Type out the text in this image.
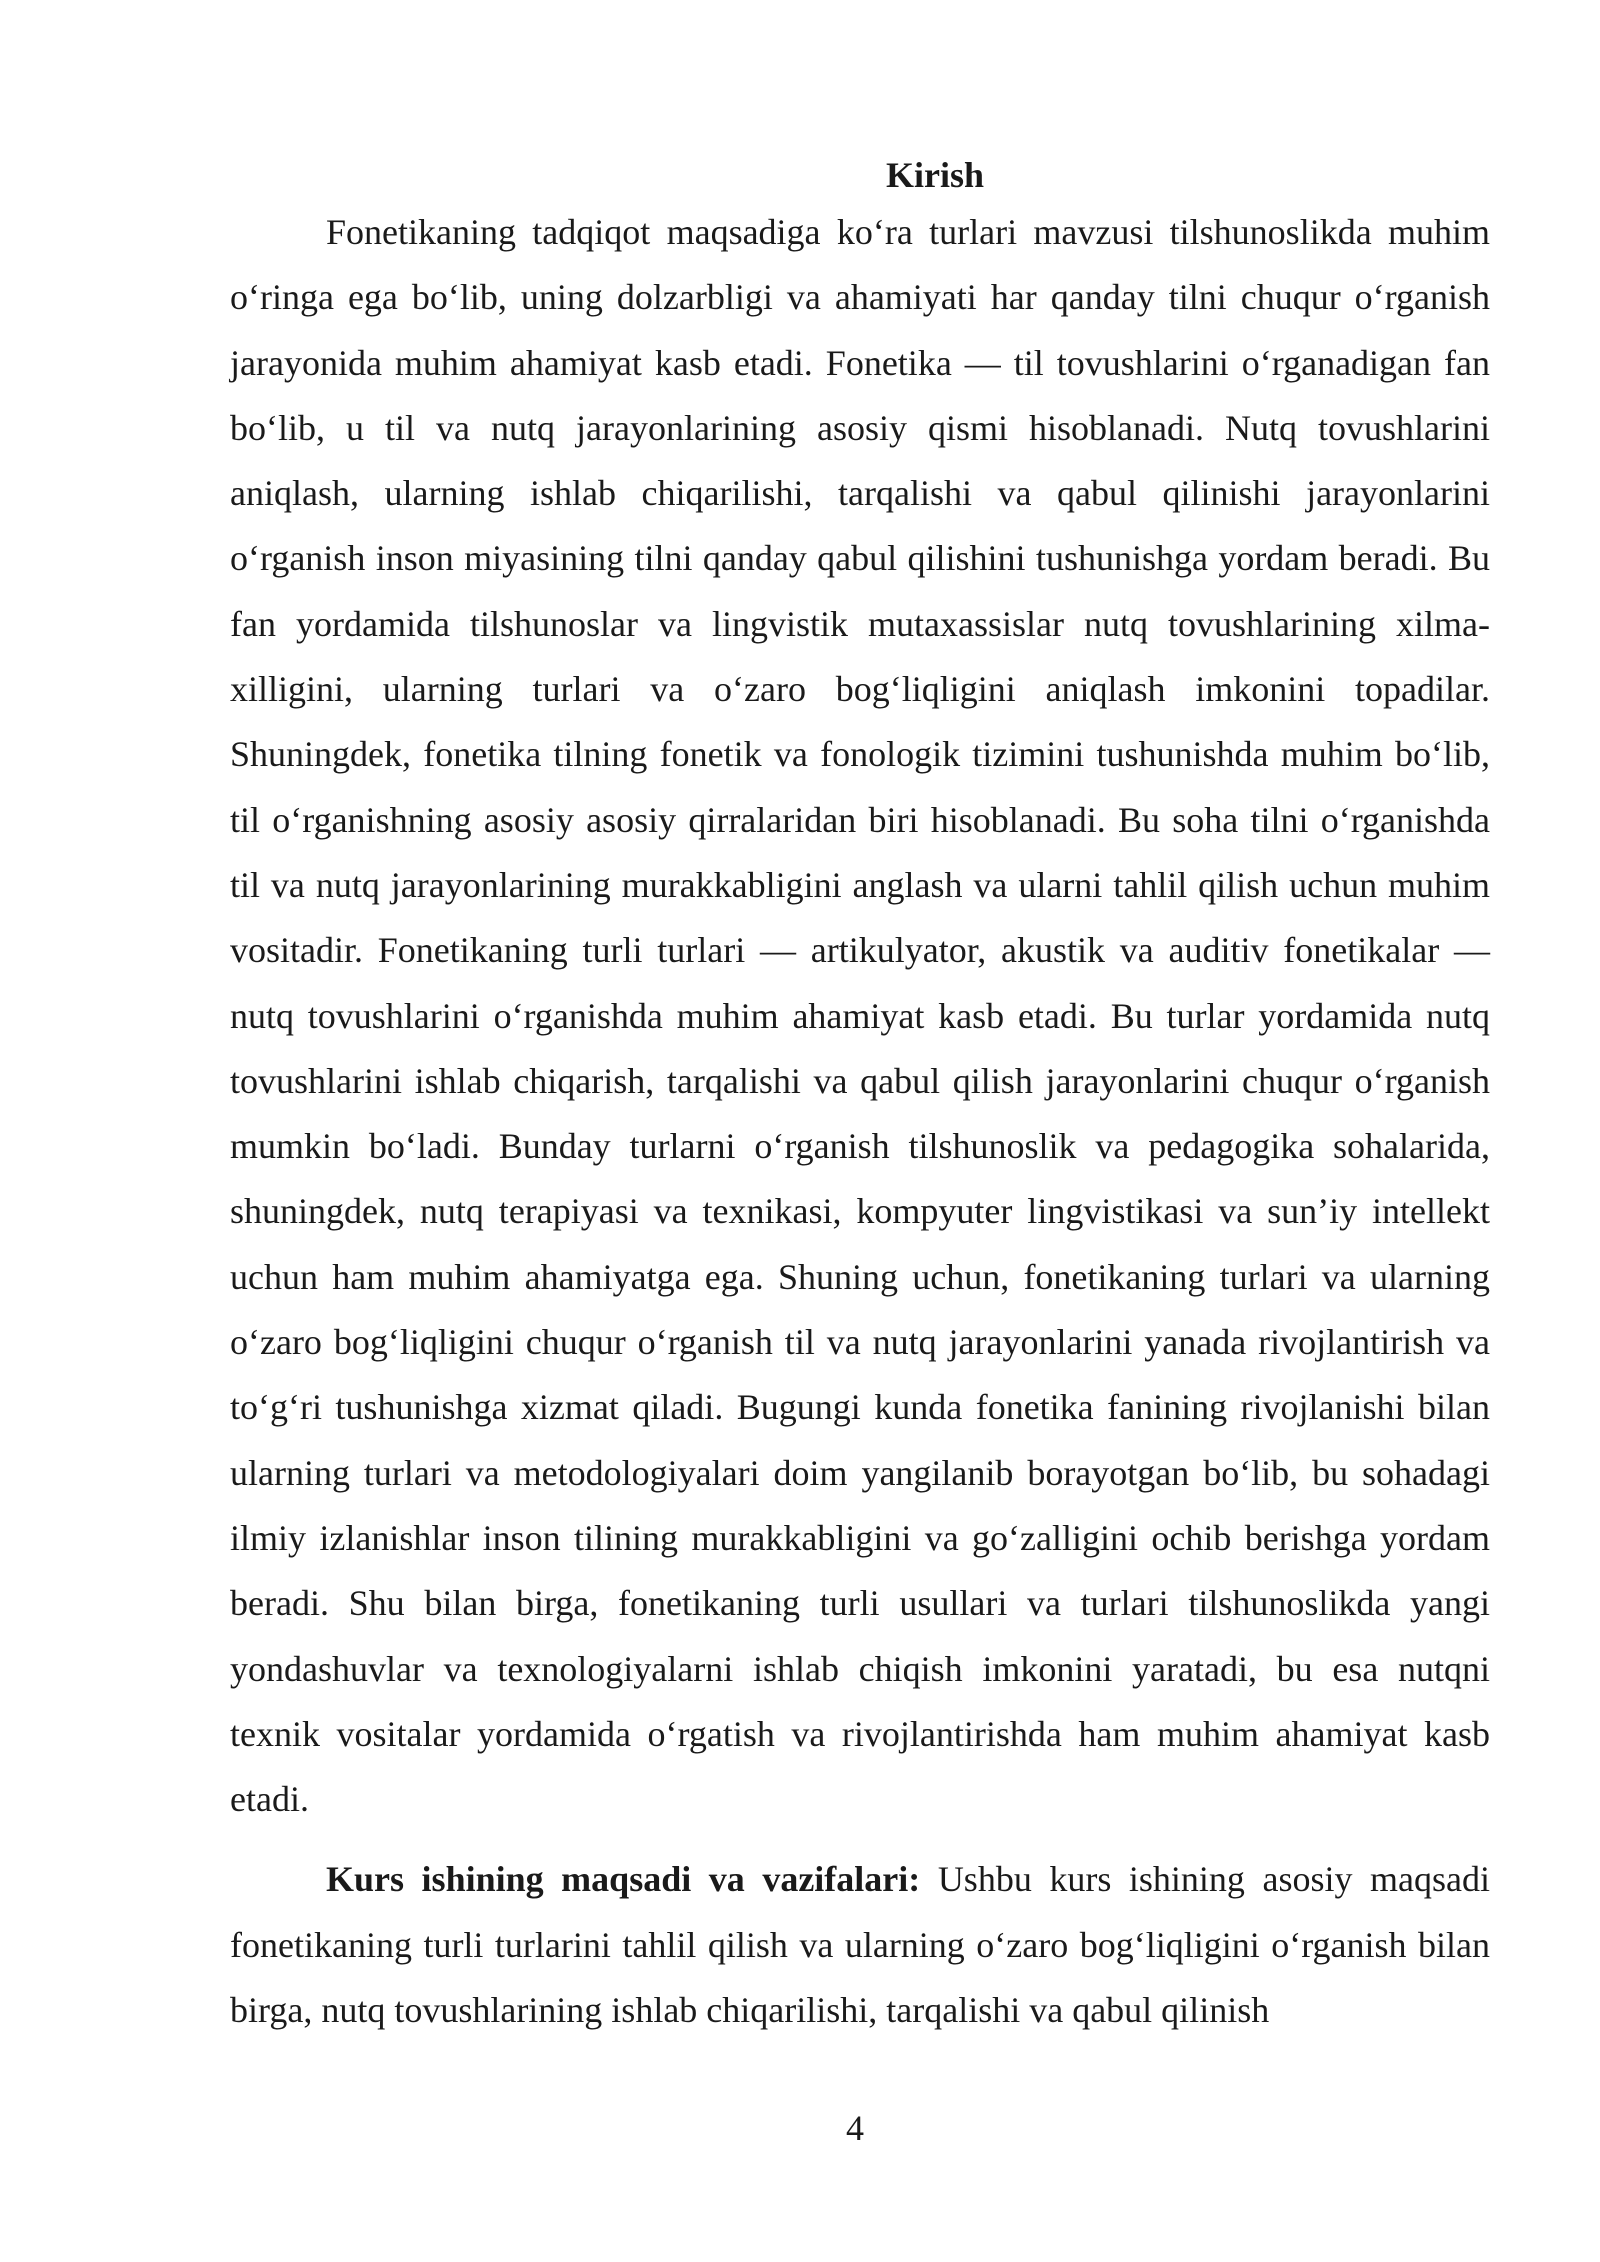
Kirish

Fonetikaning tadqiqot maqsadiga ko‘ra turlari mavzusi tilshunoslikda muhim o‘ringa ega bo‘lib, uning dolzarbligi va ahamiyati har qanday tilni chuqur o‘rganish jarayonida muhim ahamiyat kasb etadi. Fonetika — til tovushlarini o‘rganadigan fan bo‘lib, u til va nutq jarayonlarining asosiy qismi hisoblanadi. Nutq tovushlarini aniqlash, ularning ishlab chiqarilishi, tarqalishi va qabul qilinishi jarayonlarini o‘rganish inson miyasining tilni qanday qabul qilishini tushunishga yordam beradi. Bu fan yordamida tilshunoslar va lingvistik mutaxassislar nutq tovushlarining xilma-xilligini, ularning turlari va o‘zaro bog‘liqligini aniqlash imkonini topadilar. Shuningdek, fonetika tilning fonetik va fonologik tizimini tushunishda muhim bo‘lib, til o‘rganishning asosiy asosiy qirralaridan biri hisoblanadi. Bu soha tilni o‘rganishda til va nutq jarayonlarining murakkabligini anglash va ularni tahlil qilish uchun muhim vositadir. Fonetikaning turli turlari — artikulyator, akustik va auditiv fonetikalar — nutq tovushlarini o‘rganishda muhim ahamiyat kasb etadi. Bu turlar yordamida nutq tovushlarini ishlab chiqarish, tarqalishi va qabul qilish jarayonlarini chuqur o‘rganish mumkin bo‘ladi. Bunday turlarni o‘rganish tilshunoslik va pedagogika sohalarida, shuningdek, nutq terapiyasi va texnikasi, kompyuter lingvistikasi va sun’iy intellekt uchun ham muhim ahamiyatga ega. Shuning uchun, fonetikaning turlari va ularning o‘zaro bog‘liqligini chuqur o‘rganish til va nutq jarayonlarini yanada rivojlantirish va to‘g‘ri tushunishga xizmat qiladi. Bugungi kunda fonetika fanining rivojlanishi bilan ularning turlari va metodologiyalari doim yangilanib borayotgan bo‘lib, bu sohadagi ilmiy izlanishlar inson tilining murakkabligini va go‘zalligini ochib berishga yordam beradi. Shu bilan birga, fonetikaning turli usullari va turlari tilshunoslikda yangi yondashuvlar va texnologiyalarni ishlab chiqish imkonini yaratadi, bu esa nutqni texnik vositalar yordamida o‘rgatish va rivojlantirishda ham muhim ahamiyat kasb etadi.

Kurs ishining maqsadi va vazifalari: Ushbu kurs ishining asosiy maqsadi fonetikaning turli turlarini tahlil qilish va ularning o‘zaro bog‘liqligini o‘rganish bilan birga, nutq tovushlarining ishlab chiqarilishi, tarqalishi va qabul qilinish

4
